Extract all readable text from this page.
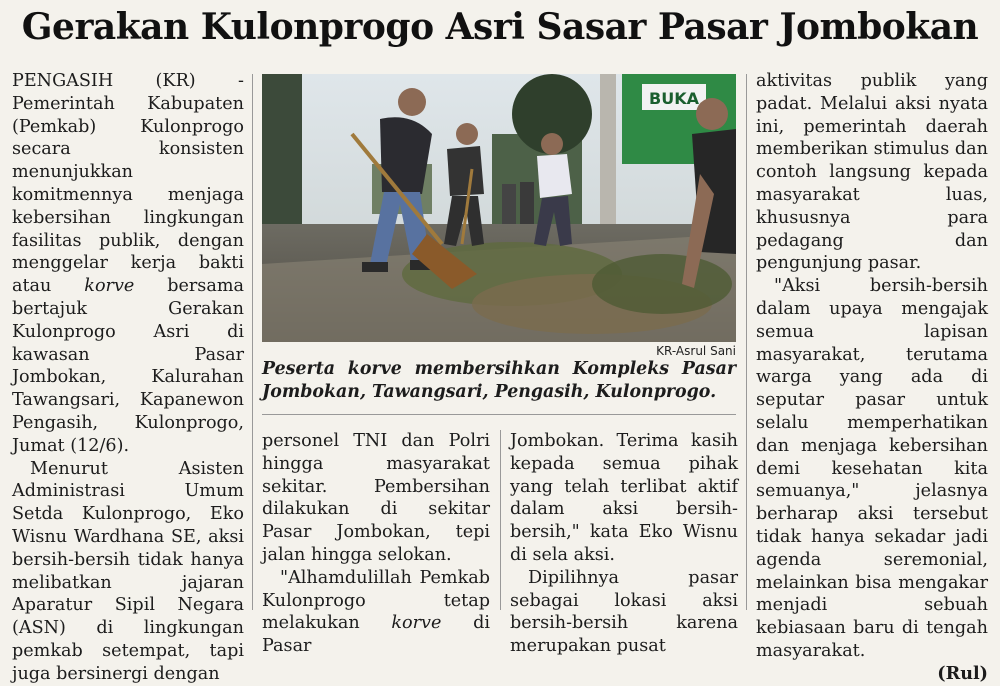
Gerakan Kulonprogo Asri Sasar Pasar Jombokan

PENGASIH (KR) - Pemerintah Kabupaten (Pemkab) Kulonprogo secara konsisten menunjukkan komitmennya menjaga kebersihan lingkungan fasilitas publik, dengan menggelar kerja bakti atau korve bersama bertajuk Gerakan Kulonprogo Asri di kawasan Pasar Jombokan, Kalurahan Tawangsari, Kapanewon Pengasih, Kulonprogo, Jumat (12/6).

Menurut Asisten Administrasi Umum Setda Kulonprogo, Eko Wisnu Wardhana SE, aksi bersih-bersih tidak hanya melibatkan jajaran Aparatur Sipil Negara (ASN) di lingkungan pemkab setempat, tapi juga bersinergi dengan

BUKA
KR-Asrul Sani
Peserta korve membersihkan Kompleks Pasar Jombokan, Tawangsari, Pengasih, Kulonprogo.

personel TNI dan Polri hingga masyarakat sekitar. Pembersihan dilakukan di sekitar Pasar Jombokan, tepi jalan hingga selokan.

"Alhamdulillah Pemkab Kulonprogo tetap melakukan korve di Pasar

Jombokan. Terima kasih kepada semua pihak yang telah terlibat aktif dalam aksi bersih-bersih," kata Eko Wisnu di sela aksi.

Dipilihnya pasar sebagai lokasi aksi bersih-bersih karena merupakan pusat

aktivitas publik yang padat. Melalui aksi nyata ini, pemerintah daerah memberikan stimulus dan contoh langsung kepada masyarakat luas, khususnya para pedagang dan pengunjung pasar.

"Aksi bersih-bersih dalam upaya mengajak semua lapisan masyarakat, terutama warga yang ada di seputar pasar untuk selalu memperhatikan dan menjaga kebersihan demi kesehatan kita semuanya," jelasnya berharap aksi tersebut tidak hanya sekadar jadi agenda seremonial, melainkan bisa mengakar menjadi sebuah kebiasaan baru di tengah masyarakat.

(Rul)
